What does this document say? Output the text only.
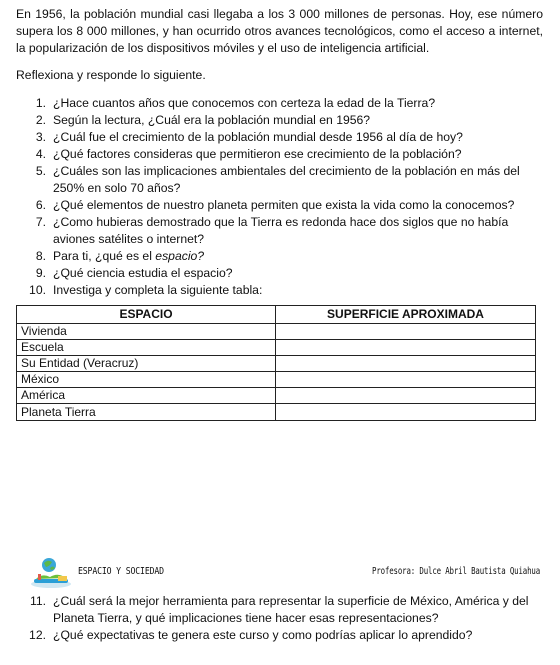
En 1956, la población mundial casi llegaba a los 3 000 millones de personas. Hoy, ese número supera los 8 000 millones, y han ocurrido otros avances tecnológicos, como el acceso a internet, la popularización de los dispositivos móviles y el uso de inteligencia artificial.

Reflexiona y responde lo siguiente.

1. ¿Hace cuantos años que conocemos con certeza la edad de la Tierra?
2. Según la lectura, ¿Cuál era la población mundial en 1956?
3. ¿Cuál fue el crecimiento de la población mundial desde 1956 al día de hoy?
4. ¿Qué factores consideras que permitieron ese crecimiento de la población?
5. ¿Cuáles son las implicaciones ambientales del crecimiento de la población en más del 250% en solo 70 años?
6. ¿Qué elementos de nuestro planeta permiten que exista la vida como la conocemos?
7. ¿Como hubieras demostrado que la Tierra es redonda hace dos siglos que no había aviones satélites o internet?
8. Para ti, ¿qué es el espacio?
9. ¿Qué ciencia estudia el espacio?
10. Investiga y completa la siguiente tabla:
ESPACIO	SUPERFICIE APROXIMADA
Vivienda	
Escuela	
Su Entidad (Veracruz)	
México	
América	
Planeta Tierra	
ESPACIO Y SOCIEDAD	Profesora: Dulce Abril Bautista Quiahua
11. ¿Cuál será la mejor herramienta para representar la superficie de México, América y del Planeta Tierra, y qué implicaciones tiene hacer esas representaciones?
12. ¿Qué expectativas te genera este curso y como podrías aplicar lo aprendido?
